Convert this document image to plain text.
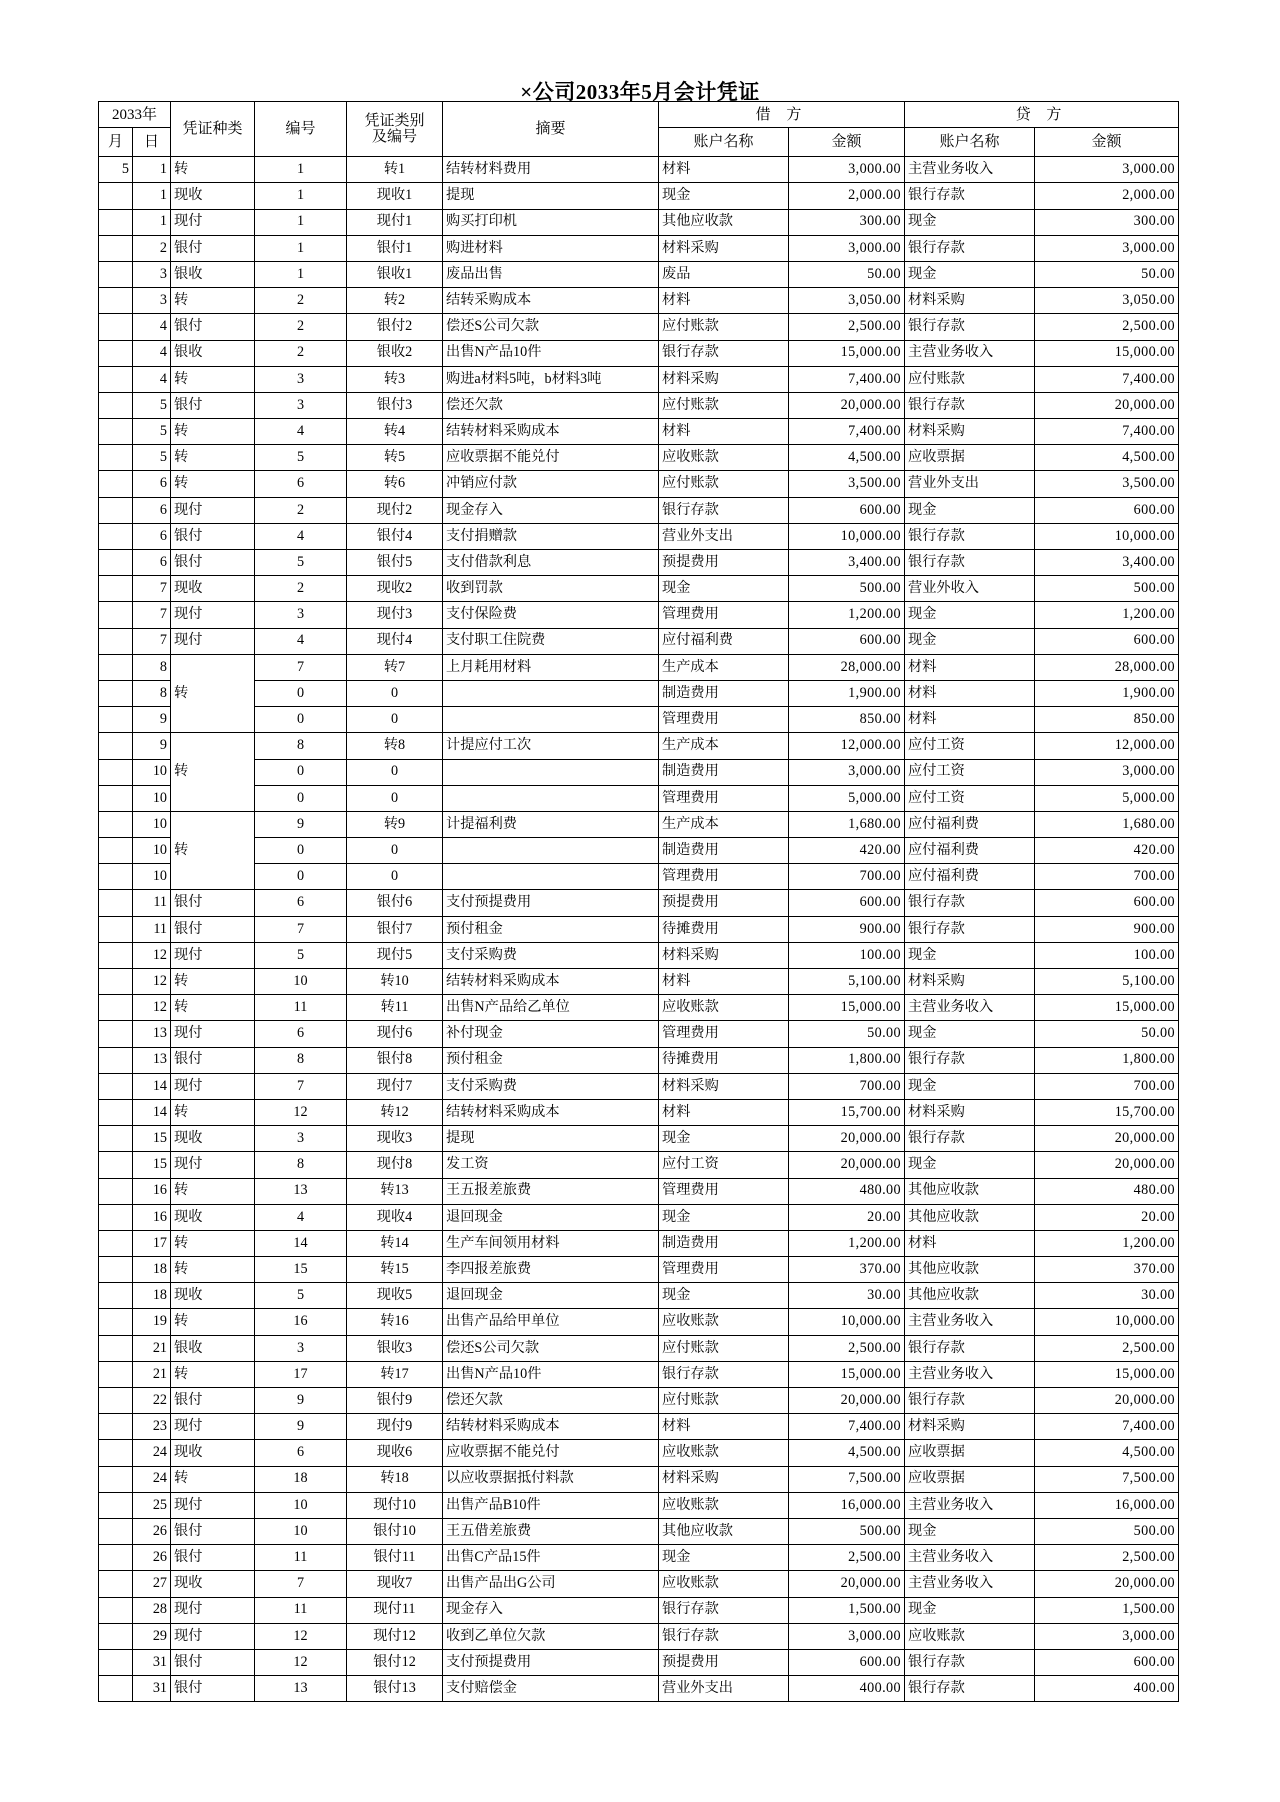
×公司2033年5月会计凭证
2033年		凭证种类	编号	凭证类别
及编号	摘要	借 方		贷 方	
月	日					账户名称	金额	账户名称	金额
5	1	转	1	转1	结转材料费用	材料	3,000.00	主营业务收入	3,000.00
	1	现收	1	现收1	提现	现金	2,000.00	银行存款	2,000.00
	1	现付	1	现付1	购买打印机	其他应收款	300.00	现金	300.00
	2	银付	1	银付1	购进材料	材料采购	3,000.00	银行存款	3,000.00
	3	银收	1	银收1	废品出售	废品	50.00	现金	50.00
	3	转	2	转2	结转采购成本	材料	3,050.00	材料采购	3,050.00
	4	银付	2	银付2	偿还S公司欠款	应付账款	2,500.00	银行存款	2,500.00
	4	银收	2	银收2	出售N产品10件	银行存款	15,000.00	主营业务收入	15,000.00
	4	转	3	转3	购进a材料5吨，b材料3吨	材料采购	7,400.00	应付账款	7,400.00
	5	银付	3	银付3	偿还欠款	应付账款	20,000.00	银行存款	20,000.00
	5	转	4	转4	结转材料采购成本	材料	7,400.00	材料采购	7,400.00
	5	转	5	转5	应收票据不能兑付	应收账款	4,500.00	应收票据	4,500.00
	6	转	6	转6	冲销应付款	应付账款	3,500.00	营业外支出	3,500.00
	6	现付	2	现付2	现金存入	银行存款	600.00	现金	600.00
	6	银付	4	银付4	支付捐赠款	营业外支出	10,000.00	银行存款	10,000.00
	6	银付	5	银付5	支付借款利息	预提费用	3,400.00	银行存款	3,400.00
	7	现收	2	现收2	收到罚款	现金	500.00	营业外收入	500.00
	7	现付	3	现付3	支付保险费	管理费用	1,200.00	现金	1,200.00
	7	现付	4	现付4	支付职工住院费	应付福利费	600.00	现金	600.00
	8	转	7	转7	上月耗用材料	生产成本	28,000.00	材料	28,000.00
	8		0	0		制造费用	1,900.00	材料	1,900.00
	9		0	0		管理费用	850.00	材料	850.00
	9	转	8	转8	计提应付工次	生产成本	12,000.00	应付工资	12,000.00
	10		0	0		制造费用	3,000.00	应付工资	3,000.00
	10		0	0		管理费用	5,000.00	应付工资	5,000.00
	10	转	9	转9	计提福利费	生产成本	1,680.00	应付福利费	1,680.00
	10		0	0		制造费用	420.00	应付福利费	420.00
	10		0	0		管理费用	700.00	应付福利费	700.00
	11	银付	6	银付6	支付预提费用	预提费用	600.00	银行存款	600.00
	11	银付	7	银付7	预付租金	待摊费用	900.00	银行存款	900.00
	12	现付	5	现付5	支付采购费	材料采购	100.00	现金	100.00
	12	转	10	转10	结转材料采购成本	材料	5,100.00	材料采购	5,100.00
	12	转	11	转11	出售N产品给乙单位	应收账款	15,000.00	主营业务收入	15,000.00
	13	现付	6	现付6	补付现金	管理费用	50.00	现金	50.00
	13	银付	8	银付8	预付租金	待摊费用	1,800.00	银行存款	1,800.00
	14	现付	7	现付7	支付采购费	材料采购	700.00	现金	700.00
	14	转	12	转12	结转材料采购成本	材料	15,700.00	材料采购	15,700.00
	15	现收	3	现收3	提现	现金	20,000.00	银行存款	20,000.00
	15	现付	8	现付8	发工资	应付工资	20,000.00	现金	20,000.00
	16	转	13	转13	王五报差旅费	管理费用	480.00	其他应收款	480.00
	16	现收	4	现收4	退回现金	现金	20.00	其他应收款	20.00
	17	转	14	转14	生产车间领用材料	制造费用	1,200.00	材料	1,200.00
	18	转	15	转15	李四报差旅费	管理费用	370.00	其他应收款	370.00
	18	现收	5	现收5	退回现金	现金	30.00	其他应收款	30.00
	19	转	16	转16	出售产品给甲单位	应收账款	10,000.00	主营业务收入	10,000.00
	21	银收	3	银收3	偿还S公司欠款	应付账款	2,500.00	银行存款	2,500.00
	21	转	17	转17	出售N产品10件	银行存款	15,000.00	主营业务收入	15,000.00
	22	银付	9	银付9	偿还欠款	应付账款	20,000.00	银行存款	20,000.00
	23	现付	9	现付9	结转材料采购成本	材料	7,400.00	材料采购	7,400.00
	24	现收	6	现收6	应收票据不能兑付	应收账款	4,500.00	应收票据	4,500.00
	24	转	18	转18	以应收票据抵付料款	材料采购	7,500.00	应收票据	7,500.00
	25	现付	10	现付10	出售产品B10件	应收账款	16,000.00	主营业务收入	16,000.00
	26	银付	10	银付10	王五借差旅费	其他应收款	500.00	现金	500.00
	26	银付	11	银付11	出售C产品15件	现金	2,500.00	主营业务收入	2,500.00
	27	现收	7	现收7	出售产品出G公司	应收账款	20,000.00	主营业务收入	20,000.00
	28	现付	11	现付11	现金存入	银行存款	1,500.00	现金	1,500.00
	29	现付	12	现付12	收到乙单位欠款	银行存款	3,000.00	应收账款	3,000.00
	31	银付	12	银付12	支付预提费用	预提费用	600.00	银行存款	600.00
	31	银付	13	银付13	支付赔偿金	营业外支出	400.00	银行存款	400.00
